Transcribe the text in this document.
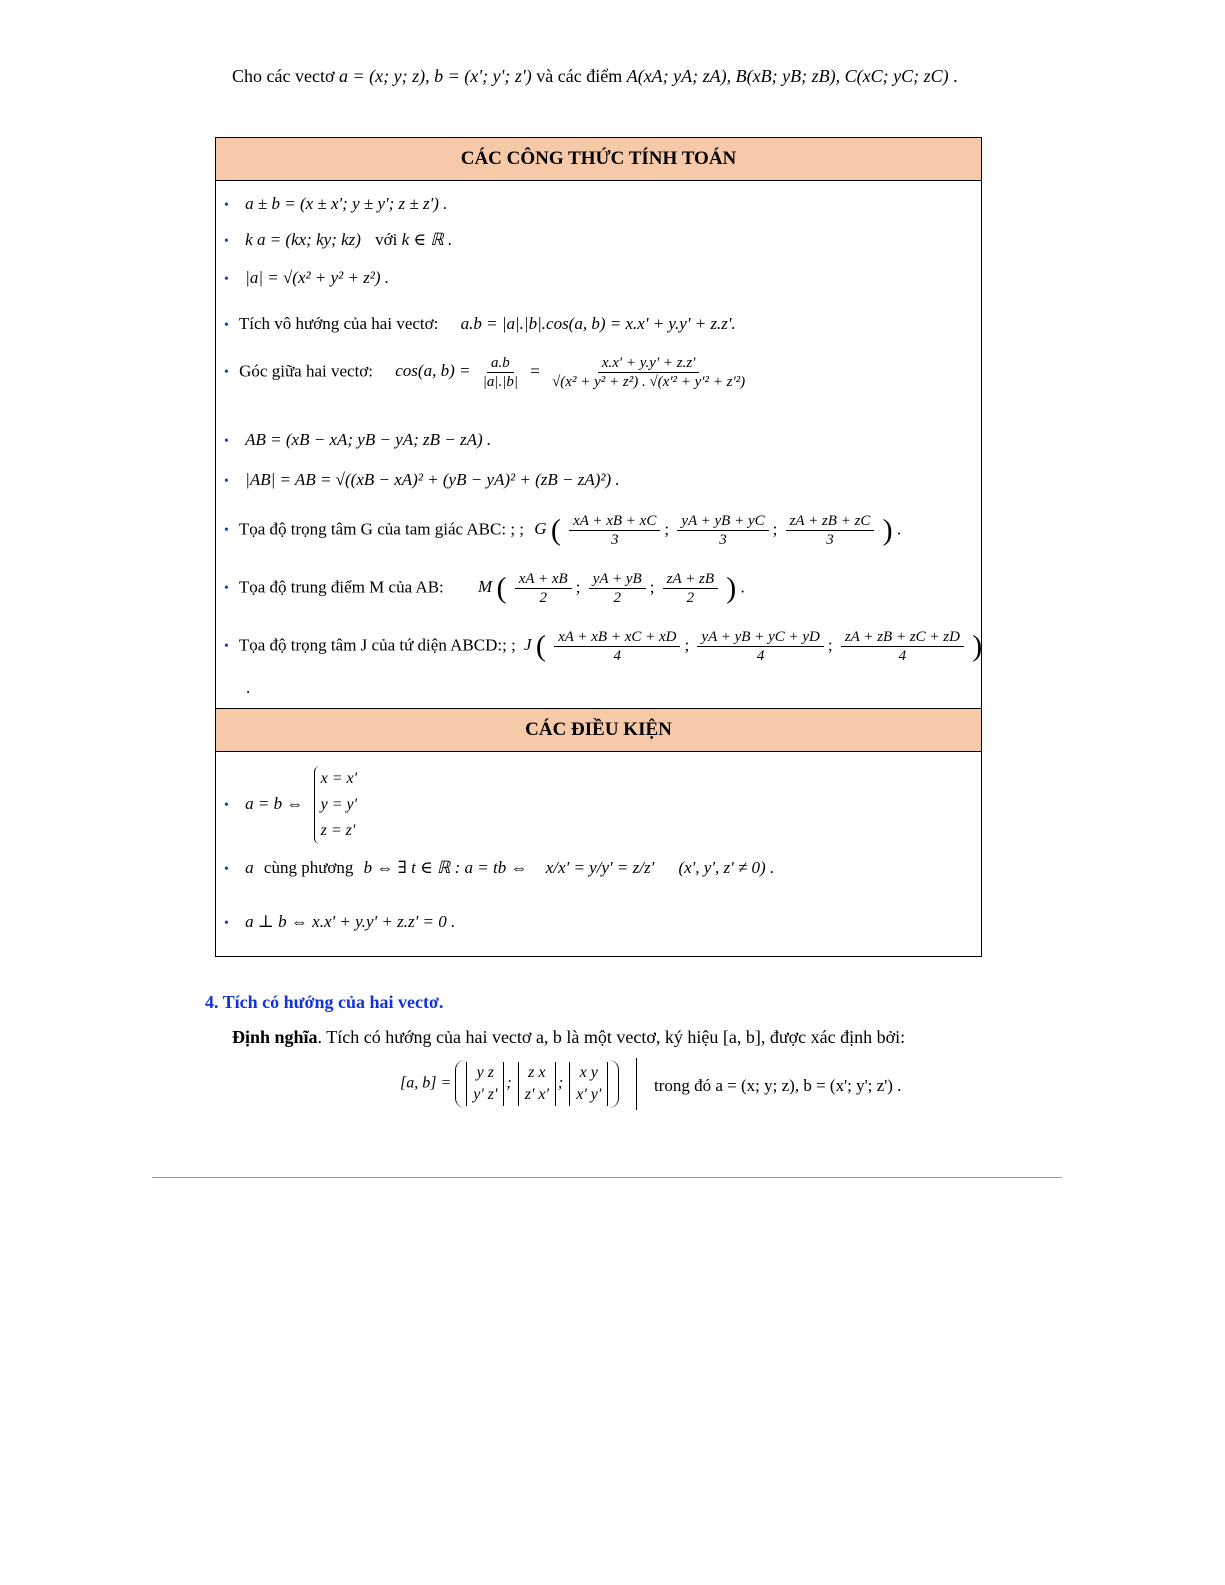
Cho các vectơ a = (x; y; z), b = (x'; y'; z') và các điểm A(xA; yA; zA), B(xB; yB; zB), C(xC; yC; zC) .
CÁC CÔNG THỨC TÍNH TOÁN
• a ± b = (x ± x'; y ± y'; z ± z') .
• k a = (kx; ky; kz) với k ∈ ℝ .
• |a| = √(x² + y² + z²) .
• Tích vô hướng của hai vectơ: a.b = |a|.|b|.cos(a, b) = x.x' + y.y' + z.z'.
• Góc giữa hai vectơ: cos(a, $b) = \frac{a.b}{|a|.|b|} = \frac{x.x' + y.y' + z.z'}{\text{√(x² + y² + z²) . √(x'² + y'² + z'²)}}$
• AB = (xB − xA; yB − yA; zB − zA) .
• |AB| = AB = √((xB − xA)² + (yB − yA)² + (zB − zA)²) .
• Tọa độ trọng tâm G của tam giác ABC: ; ; G ( $\frac{xA + xB + xC}{3}$ ; $\frac{yA + yB + yC}{3}$ ; $\frac{zA + zB + zC}{3}$ ) .
• Tọa độ trung điểm M của AB: M ( $\frac{xA + xB}{2}$ ; $\frac{yA + yB}{2}$ ; $\frac{zA + zB}{2}$ ) .
• Tọa độ trọng tâm J của tứ diện ABCD:; ; J ( $\frac{xA + xB + xC + xD}{4}$ ; $\frac{yA + yB + yC + yD}{4}$ ; $\frac{zA + zB + zC + zD}{4}$ )
.
CÁC ĐIỀU KIỆN
• a = b ⇔
x = x'
y = y'
z = z'
• a cùng phương b ⇔ ∃ t ∈ ℝ : a = tb ⇔ x/x' = y/y' = z/z' (x', y', z' ≠ 0) .
• a ⊥ b ⇔ x.x' + y.y' + z.z' = 0 .
4. Tích có hướng của hai vectơ.
Định nghĩa. Tích có hướng của hai vectơ a, b là một vectơ, ký hiệu [a, b], được xác định bởi:
[a, b] = y z
y' z'; z x
z' x'; x y
x' y'	trong đó a = (x; y; z), b = (x'; y'; z') .
